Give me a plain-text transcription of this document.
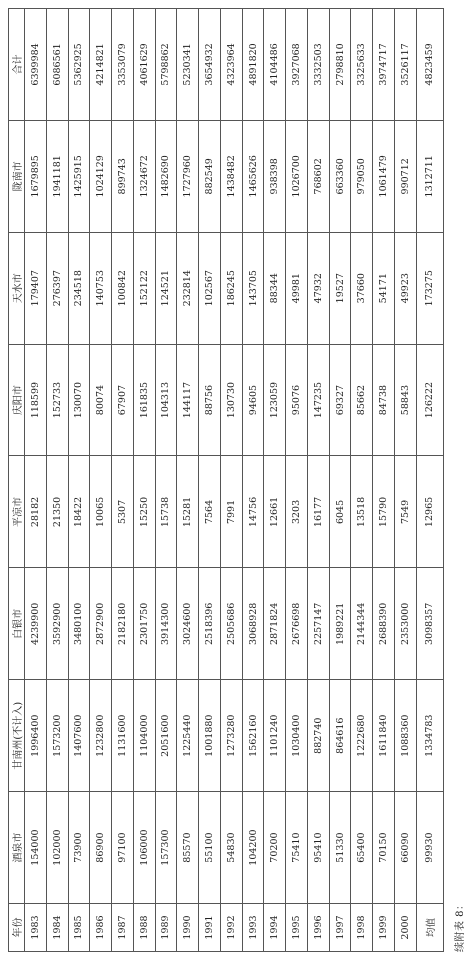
年份	酒泉市	甘南州(不计入)	白银市	平凉市	庆阳市	天水市	陇南市	合计
1983	154000	1996400	4239900	28182	118599	179407	1679895	6399984
1984	102000	1573200	3592900	21350	152733	276397	1941181	6086561
1985	73900	1407600	3480100	18422	130070	234518	1425915	5362925
1986	86900	1232800	2872900	10065	80074	140753	1024129	4214821
1987	97100	1131600	2182180	5307	67907	100842	899743	3353079
1988	106000	1104000	2301750	15250	161835	152122	1324672	4061629
1989	157300	2051600	3914300	15738	104313	124521	1482690	5798862
1990	85570	1225440	3024600	15281	144117	232814	1727960	5230341
1991	55100	1001880	2518396	7564	88756	102567	882549	3654932
1992	54830	1273280	2505686	7991	130730	186245	1438482	4323964
1993	104200	1562160	3068928	14756	94605	143705	1465626	4891820
1994	70200	1101240	2871824	12661	123059	88344	938398	4104486
1995	75410	1030400	2676698	3203	95076	49981	1026700	3927068
1996	95410	882740	2257147	16177	147235	47932	768602	3332503
1997	51330	864616	1989221	6045	69327	19527	663360	2798810
1998	65400	1222680	2144344	13518	85662	37660	979050	3325633
1999	70150	1611840	2688390	15790	84738	54171	1061479	3974717
2000	66090	1088360	2353000	7549	58843	49923	990712	3526117
均值	99930	1334783	3098357	12965	126222	173275	1312711	4823459
续附表 8：
